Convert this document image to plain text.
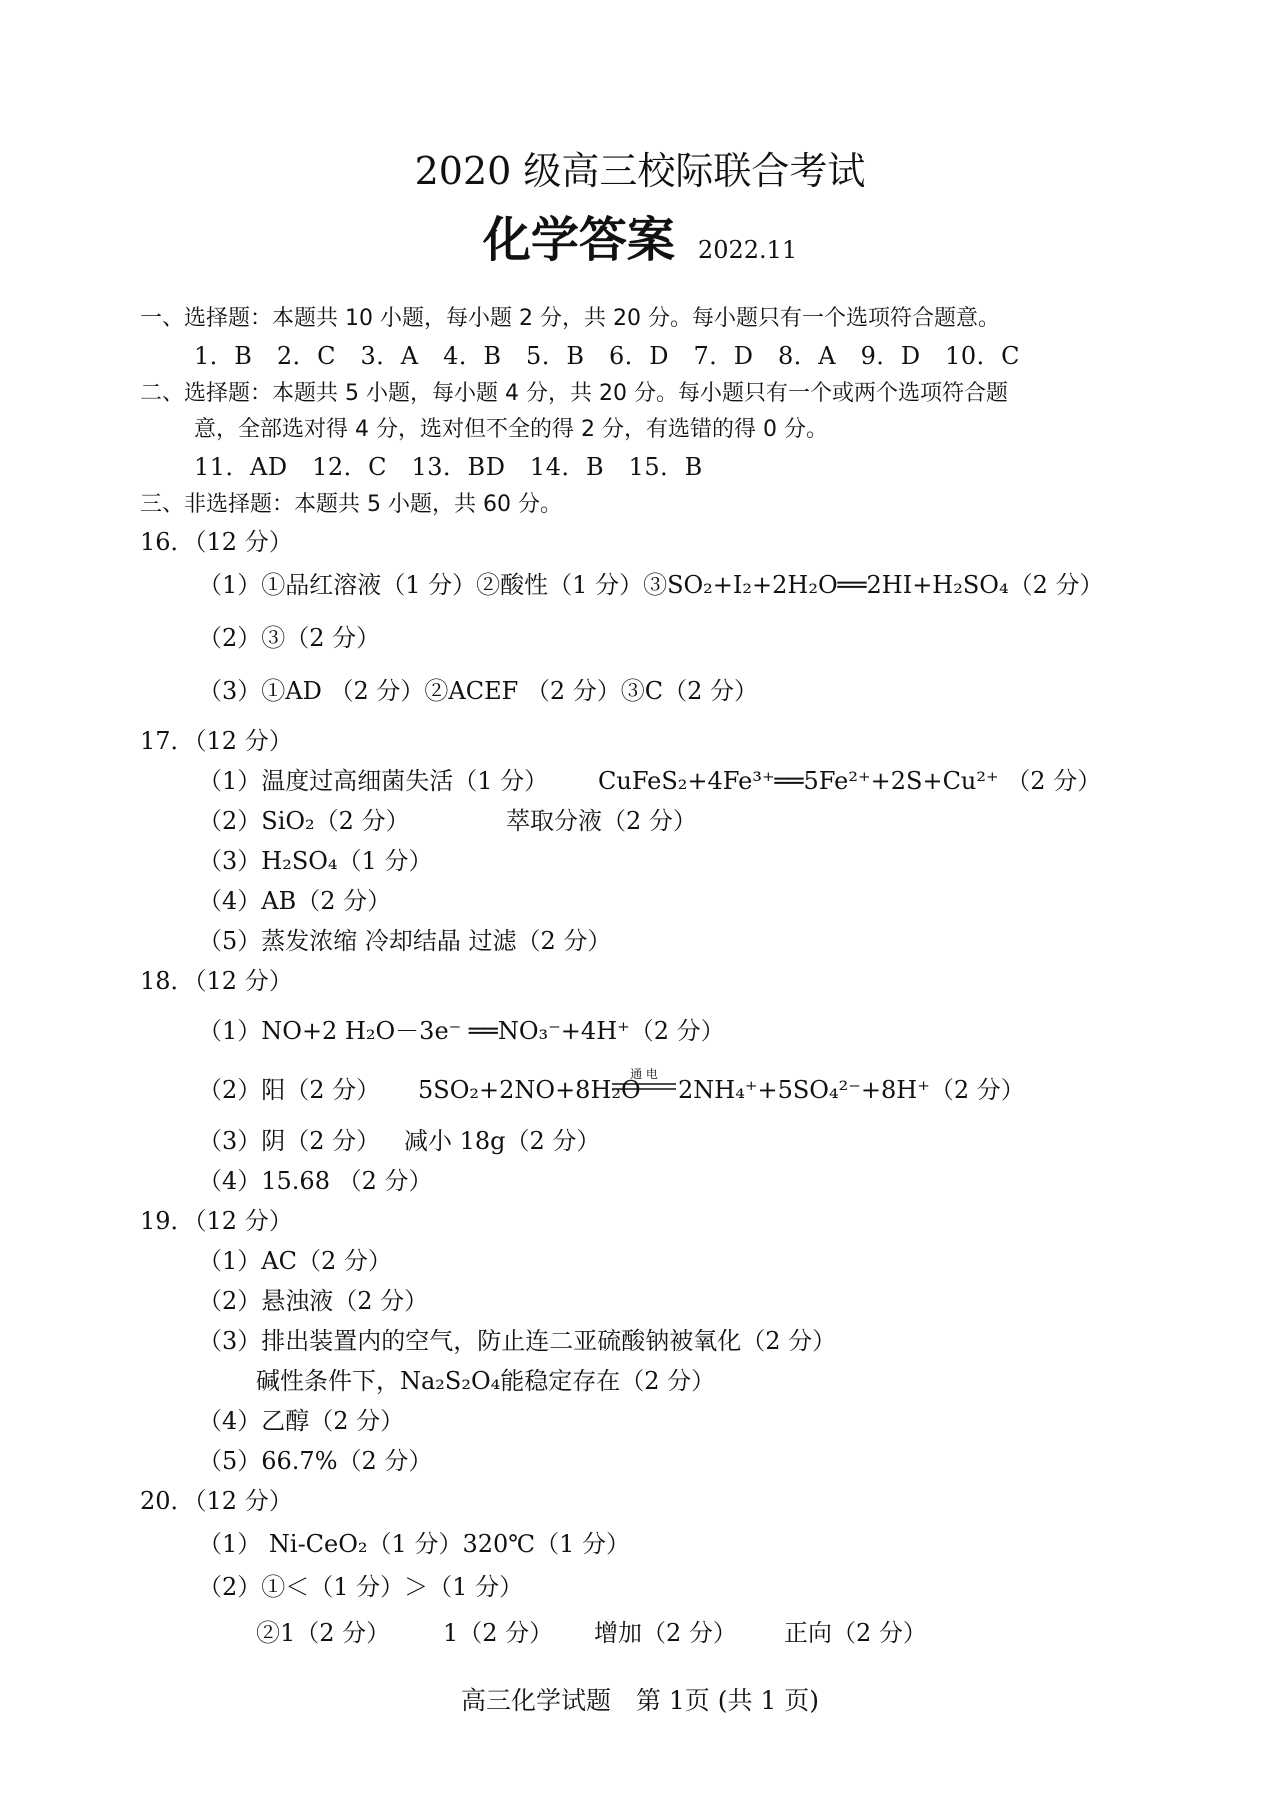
2020 级高三校际联合考试
化学答案 2022.11
一、选择题：本题共 10 小题，每小题 2 分，共 20 分。每小题只有一个选项符合题意。
1．B　2．C　3．A　4．B　5．B　6．D　7．D　8．A　9．D　10．C
二、选择题：本题共 5 小题，每小题 4 分，共 20 分。每小题只有一个或两个选项符合题
意，全部选对得 4 分，选对但不全的得 2 分，有选错的得 0 分。
11．AD　12．C　13．BD　14．B　15．B
三、非选择题：本题共 5 小题，共 60 分。
16．（12 分）
（1）①品红溶液（1 分）②酸性（1 分）③SO₂+I₂+2H₂O══2HI+H₂SO₄（2 分）
（2）③（2 分）
（3）①AD （2 分）②ACEF （2 分）③C（2 分）
17．（12 分）
（1）温度过高细菌失活（1 分） CuFeS₂+4Fe³⁺══5Fe²⁺+2S+Cu²⁺ （2 分）
（2）SiO₂（2 分）	萃取分液（2 分）
（3）H₂SO₄（1 分）
（4）AB（2 分）
（5）蒸发浓缩 冷却结晶 过滤（2 分）
18．（12 分）
（1）NO+2 H₂O－3e⁻ ══NO₃⁻+4H⁺（2 分）
（2）阳（2 分） 5SO₂+2NO+8H₂O
通 电
2NH₄⁺+5SO₄²⁻+8H⁺（2 分）
（3）阴（2 分） 减小 18g（2 分）
（4）15.68 （2 分）
19．（12 分）
（1）AC（2 分）
（2）悬浊液（2 分）
（3）排出装置内的空气，防止连二亚硫酸钠被氧化（2 分）
碱性条件下，Na₂S₂O₄能稳定存在（2 分）
（4）乙醇（2 分）
（5）66.7%（2 分）
20．（12 分）
（1） Ni-CeO₂（1 分）320℃（1 分）
（2）①＜（1 分）＞（1 分）
②1（2 分） 1（2 分） 增加（2 分） 正向（2 分）
高三化学试题　第 1页 (共 1 页)
